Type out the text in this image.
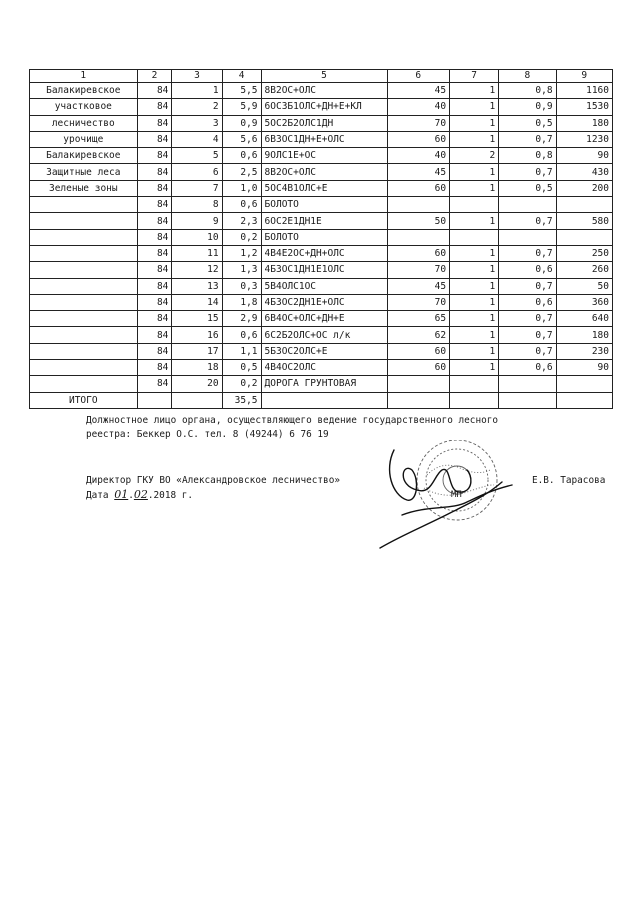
1	2	3	4	5	6	7	8	9
Балакиревское	84	1	5,5	8В2ОС+ОЛС	45	1	0,8	1160
участковое	84	2	5,9	6ОС3Б1ОЛС+ДН+Е+КЛ	40	1	0,9	1530
лесничество	84	3	0,9	5ОС2Б2ОЛС1ДН	70	1	0,5	180
урочище	84	4	5,6	6В3ОС1ДН+Е+ОЛС	60	1	0,7	1230
Балакиревское	84	5	0,6	9ОЛС1Е+ОС	40	2	0,8	90
Защитные леса	84	6	2,5	8В2ОС+ОЛС	45	1	0,7	430
Зеленые зоны	84	7	1,0	5ОС4В1ОЛС+Е	60	1	0,5	200
	84	8	0,6	БОЛОТО				
	84	9	2,3	6ОС2Е1ДН1Е	50	1	0,7	580
	84	10	0,2	БОЛОТО				
	84	11	1,2	4В4Е2ОС+ДН+ОЛС	60	1	0,7	250
	84	12	1,3	4Б3ОС1ДН1Е1ОЛС	70	1	0,6	260
	84	13	0,3	5В4ОЛС1ОС	45	1	0,7	50
	84	14	1,8	4Б3ОС2ДН1Е+ОЛС	70	1	0,6	360
	84	15	2,9	6В4ОС+ОЛС+ДН+Е	65	1	0,7	640
	84	16	0,6	6С2Б2ОЛС+ОС л/к	62	1	0,7	180
	84	17	1,1	5Б3ОС2ОЛС+Е	60	1	0,7	230
	84	18	0,5	4В4ОС2ОЛС	60	1	0,6	90
	84	20	0,2	ДОРОГА ГРУНТОВАЯ				
ИТОГО			35,5					
Должностное лицо органа, осуществляющего ведение государственного лесного
реестра: Беккер О.С. тел. 8 (49244) 6 76 19
Директор ГКУ ВО «Александровское лесничество»
Дата 01.02.2018 г.
Е.В. Тарасова
МП
